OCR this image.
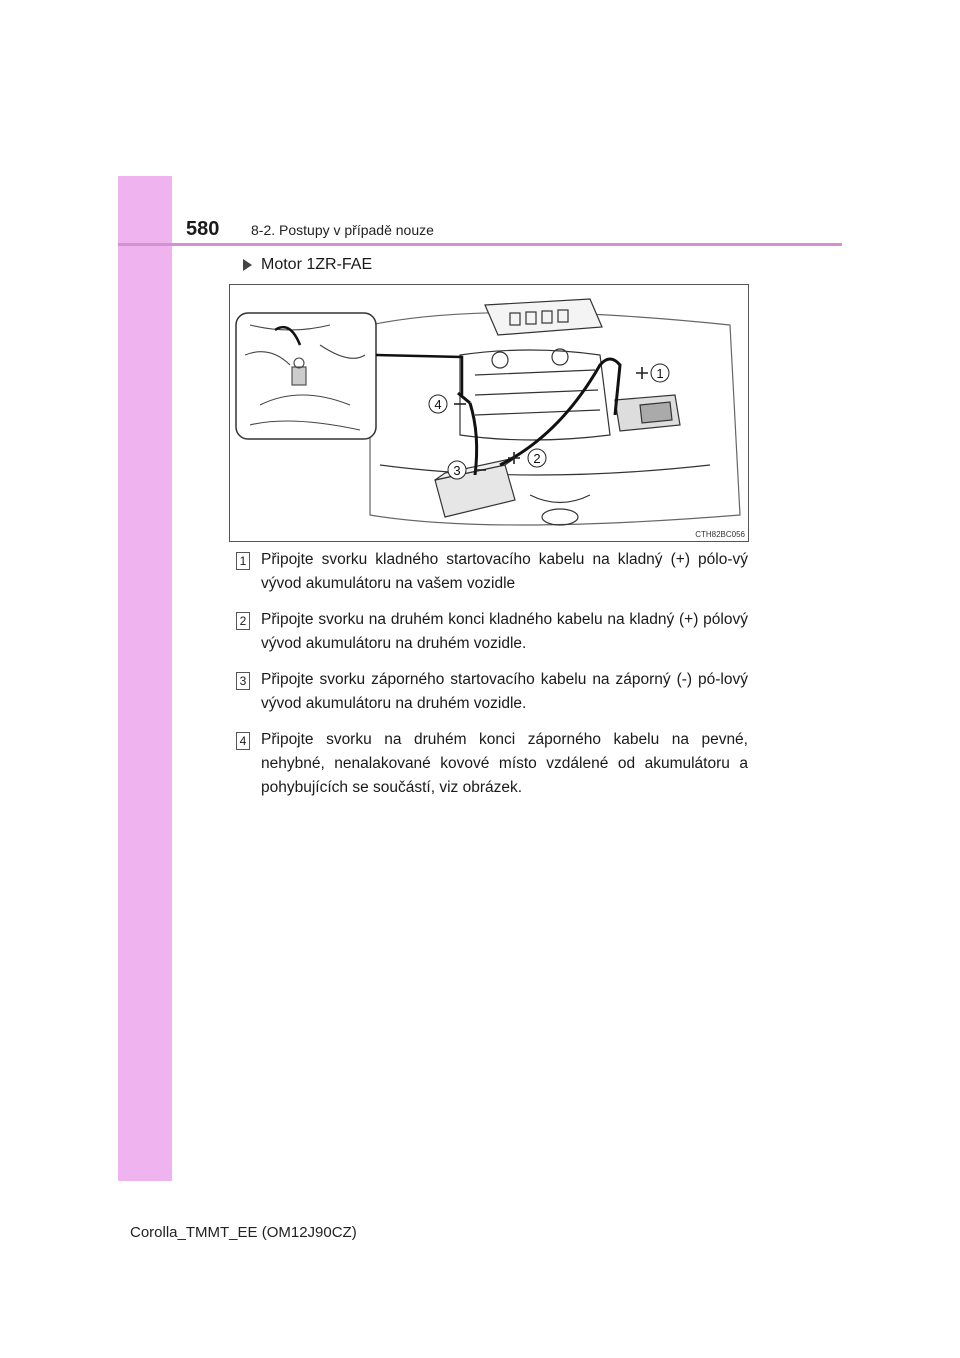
580 8-2. Postupy v případě nouze
Motor 1ZR-FAE
1
2
3
4
CTH82BC056
1 Připojte svorku kladného startovacího kabelu na kladný (+) pólo-vý vývod akumulátoru na vašem vozidle
2 Připojte svorku na druhém konci kladného kabelu na kladný (+) pólový vývod akumulátoru na druhém vozidle.
3 Připojte svorku záporného startovacího kabelu na záporný (-) pó-lový vývod akumulátoru na druhém vozidle.
4 Připojte svorku na druhém konci záporného kabelu na pevné, nehybné, nenalakované kovové místo vzdálené od akumulátoru a pohybujících se součástí, viz obrázek.
Corolla_TMMT_EE (OM12J90CZ)
